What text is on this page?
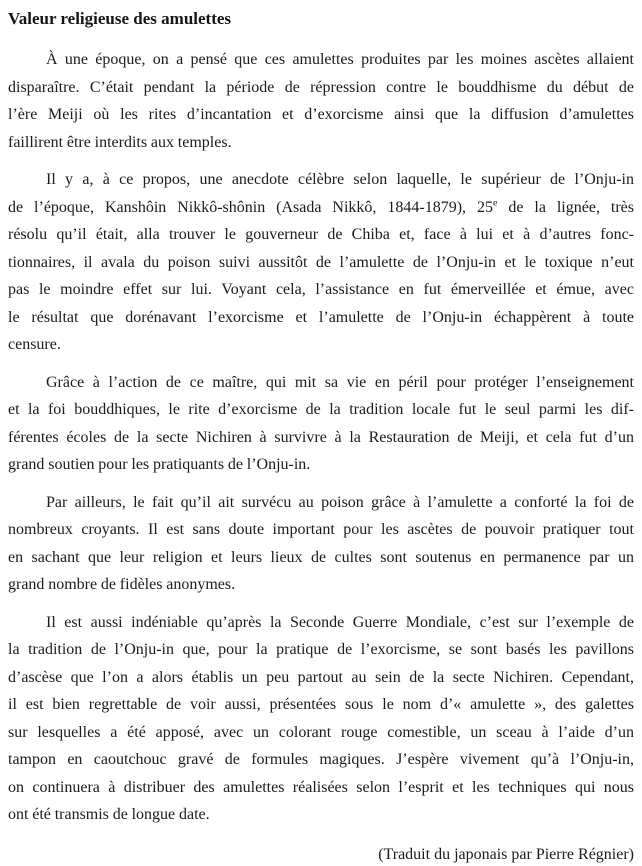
Valeur religieuse des amulettes
À une époque, on a pensé que ces amulettes produites par les moines ascètes allaient
disparaître. C’était pendant la période de répression contre le bouddhisme du début de
l’ère Meiji où les rites d’incantation et d’exorcisme ainsi que la diffusion d’amulettes
faillirent être interdits aux temples.
Il y a, à ce propos, une anecdote célèbre selon laquelle, le supérieur de l’Onju-in
de l’époque, Kanshôin Nikkô-shônin (Asada Nikkô, 1844-1879), 25e de la lignée, très
résolu qu’il était, alla trouver le gouverneur de Chiba et, face à lui et à d’autres fonc-
tionnaires, il avala du poison suivi aussitôt de l’amulette de l’Onju-in et le toxique n’eut
pas le moindre effet sur lui. Voyant cela, l’assistance en fut émerveillée et émue, avec
le résultat que dorénavant l’exorcisme et l’amulette de l’Onju-in échappèrent à toute
censure.
Grâce à l’action de ce maître, qui mit sa vie en péril pour protéger l’enseignement
et la foi bouddhiques, le rite d’exorcisme de la tradition locale fut le seul parmi les dif-
férentes écoles de la secte Nichiren à survivre à la Restauration de Meiji, et cela fut d’un
grand soutien pour les pratiquants de l’Onju-in.
Par ailleurs, le fait qu’il ait survécu au poison grâce à l’amulette a conforté la foi de
nombreux croyants. Il est sans doute important pour les ascètes de pouvoir pratiquer tout
en sachant que leur religion et leurs lieux de cultes sont soutenus en permanence par un
grand nombre de fidèles anonymes.
Il est aussi indéniable qu’après la Seconde Guerre Mondiale, c’est sur l’exemple de
la tradition de l’Onju-in que, pour la pratique de l’exorcisme, se sont basés les pavillons
d’ascèse que l’on a alors établis un peu partout au sein de la secte Nichiren. Cependant,
il est bien regrettable de voir aussi, présentées sous le nom d’« amulette », des galettes
sur lesquelles a été apposé, avec un colorant rouge comestible, un sceau à l’aide d’un
tampon en caoutchouc gravé de formules magiques. J’espère vivement qu’à l’Onju-in,
on continuera à distribuer des amulettes réalisées selon l’esprit et les techniques qui nous
ont été transmis de longue date.
(Traduit du japonais par Pierre Régnier)
